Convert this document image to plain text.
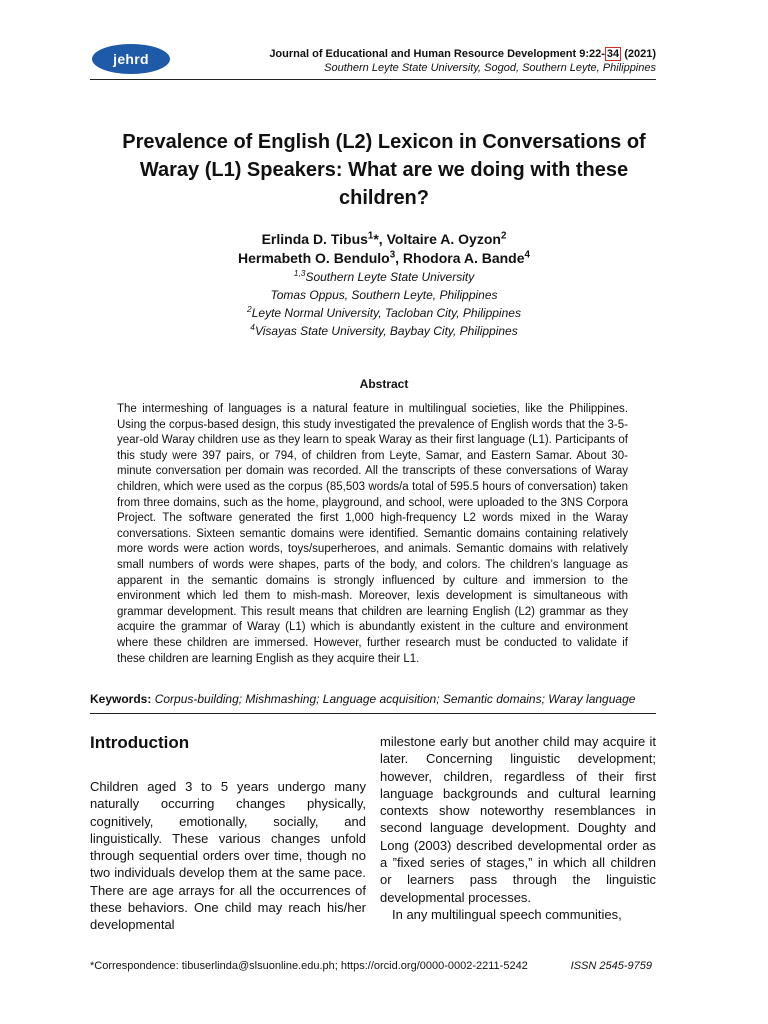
jehrd	Journal of Educational and Human Resource Development 9:22- 34 (2021)
Southern Leyte State University, Sogod, Southern Leyte, Philippines
Prevalence of English (L2) Lexicon in Conversations of
Waray (L1) Speakers: What are we doing with these
children?
Erlinda D. Tibus$^1$*, Voltaire A. Oyzon$^2$
Hermabeth O. Bendulo$^3$, Rhodora A. Bande$^4$
$^{1,3}$Southern Leyte State University
Tomas Oppus, Southern Leyte, Philippines
$^2$Leyte Normal University, Tacloban City, Philippines
$^4$Visayas State University, Baybay City, Philippines
Abstract
The intermeshing of languages is a natural feature in multilingual societies, like the Philippines. Using the corpus-based design, this study investigated the prevalence of English words that the 3-5-year-old Waray children use as they learn to speak Waray as their first language (L1). Participants of this study were 397 pairs, or 794, of children from Leyte, Samar, and Eastern Samar. About 30-minute conversation per domain was recorded. All the transcripts of these conversations of Waray children, which were used as the corpus (85,503 words/a total of 595.5 hours of conversation) taken from three domains, such as the home, playground, and school, were uploaded to the 3NS Corpora Project. The software generated the first 1,000 high-frequency L2 words mixed in the Waray conversations. Sixteen semantic domains were identified. Semantic domains containing relatively more words were action words, toys/superheroes, and animals. Semantic domains with relatively small numbers of words were shapes, parts of the body, and colors. The children’s language as apparent in the semantic domains is strongly influenced by culture and immersion to the environment which led them to mish-mash. Moreover, lexis development is simultaneous with grammar development. This result means that children are learning English (L2) grammar as they acquire the grammar of Waray (L1) which is abundantly existent in the culture and environment where these children are immersed. However, further research must be conducted to validate if these children are learning English as they acquire their L1.
Keywords: Corpus-building; Mishmashing; Language acquisition; Semantic domains; Waray language
Introduction
Children aged 3 to 5 years undergo many naturally occurring changes physically, cognitively, emotionally, socially, and linguistically. These various changes unfold through sequential orders over time, though no two individuals develop them at the same pace. There are age arrays for all the occurrences of these behaviors. One child may reach his/her developmental
milestone early but another child may acquire it later. Concerning linguistic development; however, children, regardless of their first language backgrounds and cultural learning contexts show noteworthy resemblances in second language development. Doughty and Long (2003) described developmental order as a ”fixed series of stages,” in which all children or learners pass through the linguistic developmental processes.
In any multilingual speech communities,
*Correspondence: tibuserlinda@slsuonline.edu.ph; https://orcid.org/0000-0002-2211-5242	ISSN 2545-9759
